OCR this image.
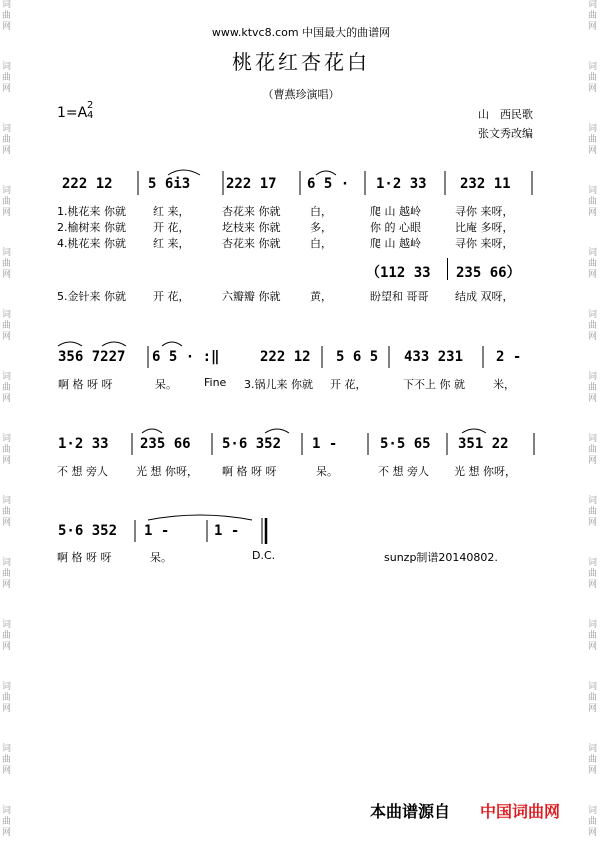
词
曲
网
词
曲
网
词
曲
网
词
曲
网
词
曲
网
词
曲
网
词
曲
网
词
曲
网
词
曲
网
词
曲
网
词
曲
网
词
曲
网
词
曲
网
词
曲
网
词
曲
网
词
曲
网
词
曲
网
词
曲
网
词
曲
网
词
曲
网
词
曲
网
词
曲
网
词
曲
网
词
曲
网
词
曲
网
词
曲
网
词
曲
网
词
曲
网
www.ktvc8.com 中国最大的曲谱网
桃花红杏花白
（曹燕珍演唱）
1=A 2
4	山　西民歌
张文秀改编
222 12	5 6i3	222 17 6 5 · 1·2 33 232 11
1.桃花来 你就 红 来，	杏花来 你就	白，	爬 山 越岭	寻你 来呀，
2.榆树来 你就 开 花，	圪枝来 你就	多，	你 的 心眼	比庵 多呀，
4.桃花来 你就 红 来，	杏花来 你就	白，	爬 山 越岭	寻你 来呀，
（112 33 235 66）
5.金针来 你就 开 花，	六瓣瓣 你就	黄，	盼望和 哥哥 结成 双呀，
356 7227 6 5 · :‖	222 12 5 6 5 433 231 2 -
啊 格 呀 呀	呆。 Fine 3.锅儿来 你就 开 花，	下不上 你 就	米，
1·2 33 235 66 5·6 352 1 -	5·5 65 351 22
不 想 旁人	光 想 你呀， 啊 格 呀 呀	呆。	不 想 旁人 光 想 你呀，
5·6 352 1 -	1 -
啊 格 呀 呀	呆。	D.C.	sunzp制谱20140802.
本曲谱源自 中国词曲网
